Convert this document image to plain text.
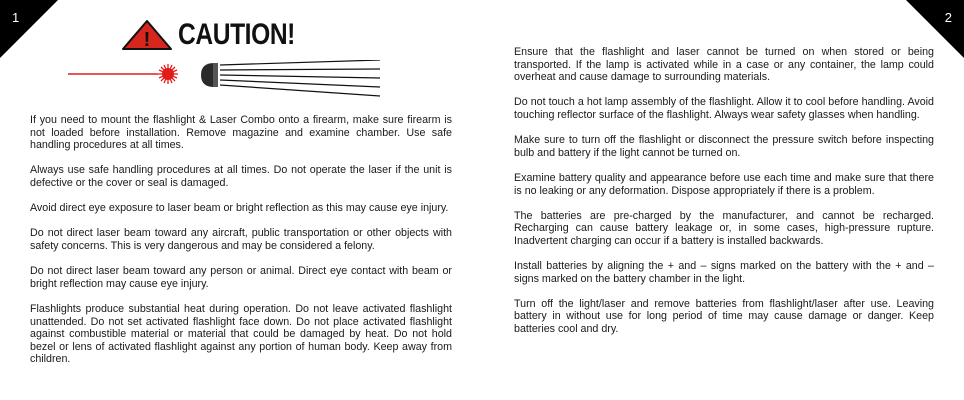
1	2
! CAUTION!

If you need to mount the flashlight & Laser Combo onto a firearm, make sure firearm is not loaded before installation. Remove magazine and examine chamber. Use safe handling procedures at all times.

Always use safe handling procedures at all times. Do not operate the laser if the unit is defective or the cover or seal is damaged.

Avoid direct eye exposure to laser beam or bright reflection as this may cause eye injury.

Do not direct laser beam toward any aircraft, public transportation or other objects with safety concerns. This is very dangerous and may be considered a felony.

Do not direct laser beam toward any person or animal. Direct eye contact with beam or bright reflection may cause eye injury.

Flashlights produce substantial heat during operation. Do not leave activated flashlight unattended. Do not set activated flashlight face down. Do not place activated flashlight against combustible material or material that could be damaged by heat. Do not hold bezel or lens of activated flashlight against any portion of human body. Keep away from children.

Ensure that the flashlight and laser cannot be turned on when stored or being transported. If the lamp is activated while in a case or any container, the lamp could overheat and cause damage to surrounding materials.

Do not touch a hot lamp assembly of the flashlight. Allow it to cool before handling. Avoid touching reflector surface of the flashlight. Always wear safety glasses when handling.

Make sure to turn off the flashlight or disconnect the pressure switch before inspecting bulb and battery if the light cannot be turned on.

Examine battery quality and appearance before use each time and make sure that there is no leaking or any deformation. Dispose appropriately if there is a problem.

The batteries are pre-charged by the manufacturer, and cannot be recharged. Recharging can cause battery leakage or, in some cases, high-pressure rupture. Inadvertent charging can occur if a battery is installed backwards.

Install batteries by aligning the + and – signs marked on the battery with the + and – signs marked on the battery chamber in the light.

Turn off the light/laser and remove batteries from flashlight/laser after use. Leaving battery in without use for long period of time may cause damage or danger. Keep batteries cool and dry.
